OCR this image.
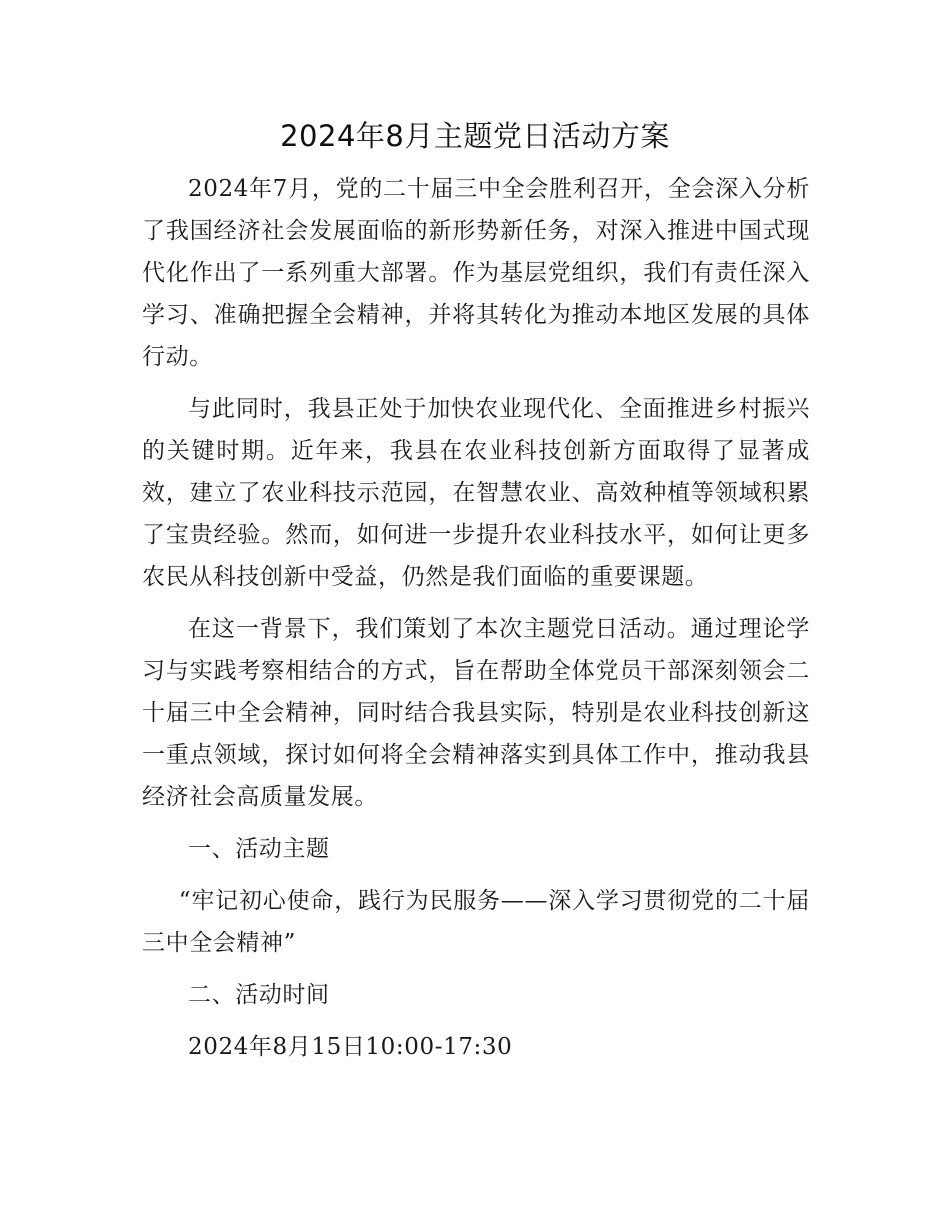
2024年8月主题党日活动方案

2024年7月，党的二十届三中全会胜利召开，全会深入分析了我国经济社会发展面临的新形势新任务，对深入推进中国式现代化作出了一系列重大部署。作为基层党组织，我们有责任深入学习、准确把握全会精神，并将其转化为推动本地区发展的具体行动。

与此同时，我县正处于加快农业现代化、全面推进乡村振兴的关键时期。近年来，我县在农业科技创新方面取得了显著成效，建立了农业科技示范园，在智慧农业、高效种植等领域积累了宝贵经验。然而，如何进一步提升农业科技水平，如何让更多农民从科技创新中受益，仍然是我们面临的重要课题。

在这一背景下，我们策划了本次主题党日活动。通过理论学习与实践考察相结合的方式，旨在帮助全体党员干部深刻领会二十届三中全会精神，同时结合我县实际，特别是农业科技创新这一重点领域，探讨如何将全会精神落实到具体工作中，推动我县经济社会高质量发展。

一、活动主题

“牢记初心使命，践行为民服务——深入学习贯彻党的二十届三中全会精神”

二、活动时间

2024年8月15日10:00-17:30
